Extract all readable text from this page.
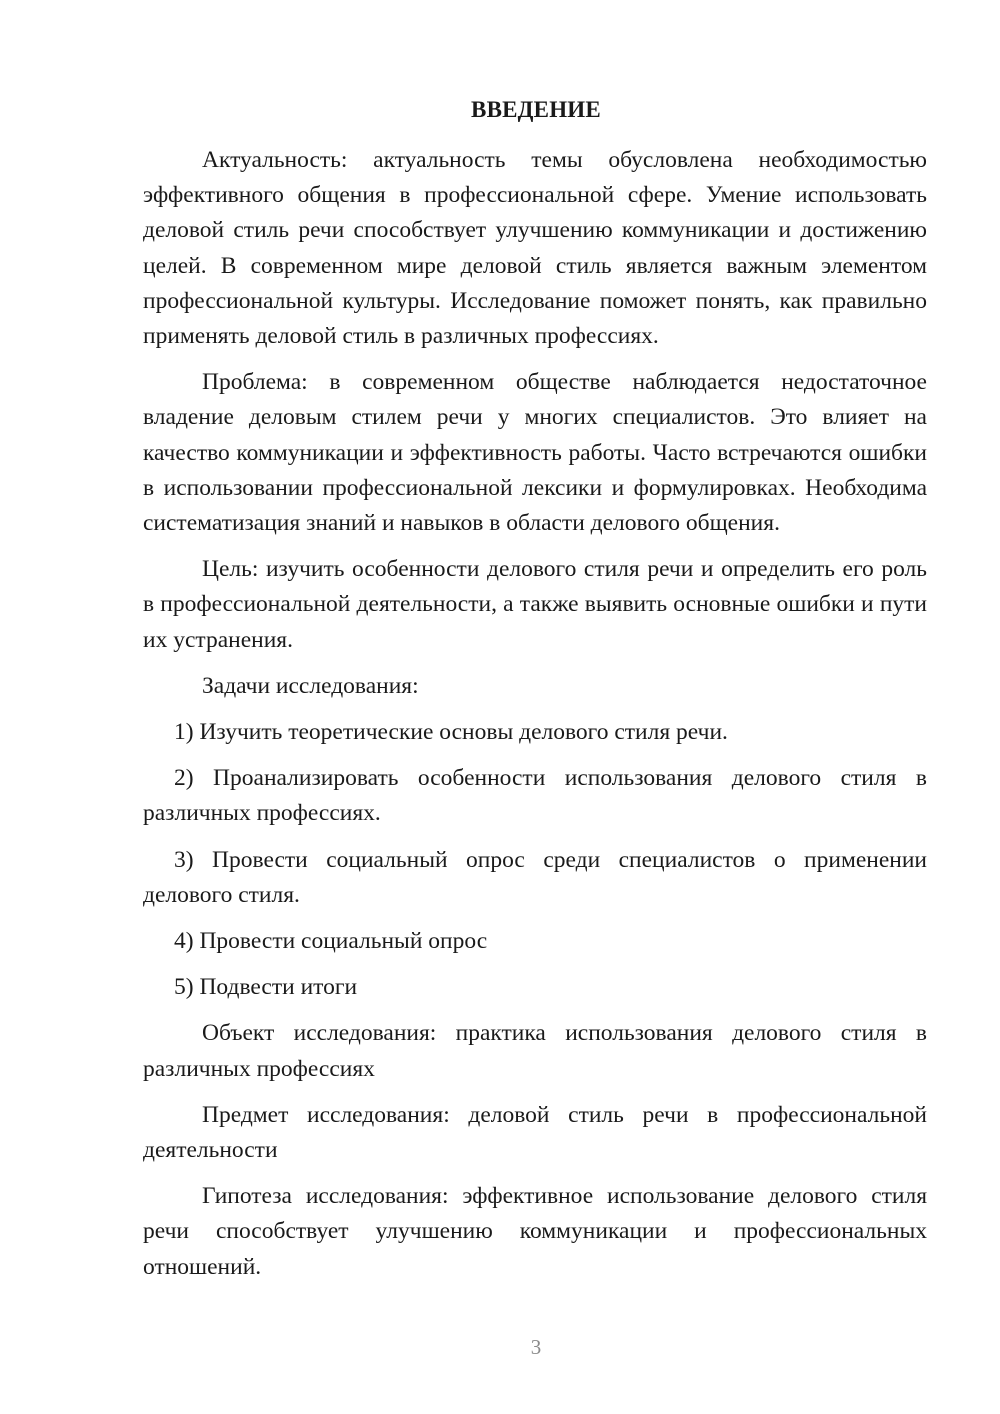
ВВЕДЕНИЕ

Актуальность: актуальность темы обусловлена необходимостью эффективного общения в профессиональной сфере. Умение использовать деловой стиль речи способствует улучшению коммуникации и достижению целей. В современном мире деловой стиль является важным элементом профессиональной культуры. Исследование поможет понять, как правильно применять деловой стиль в различных профессиях.

Проблема: в современном обществе наблюдается недостаточное владение деловым стилем речи у многих специалистов. Это влияет на качество коммуникации и эффективность работы. Часто встречаются ошибки в использовании профессиональной лексики и формулировках. Необходима систематизация знаний и навыков в области делового общения.

Цель: изучить особенности делового стиля речи и определить его роль в профессиональной деятельности, а также выявить основные ошибки и пути их устранения.

Задачи исследования:

1) Изучить теоретические основы делового стиля речи.

2) Проанализировать особенности использования делового стиля в различных профессиях.

3) Провести социальный опрос среди специалистов о применении делового стиля.

4) Провести социальный опрос

5) Подвести итоги

Объект исследования: практика использования делового стиля в различных профессиях

Предмет исследования: деловой стиль речи в профессиональной деятельности

Гипотеза исследования: эффективное использование делового стиля речи способствует улучшению коммуникации и профессиональных отношений.

3
